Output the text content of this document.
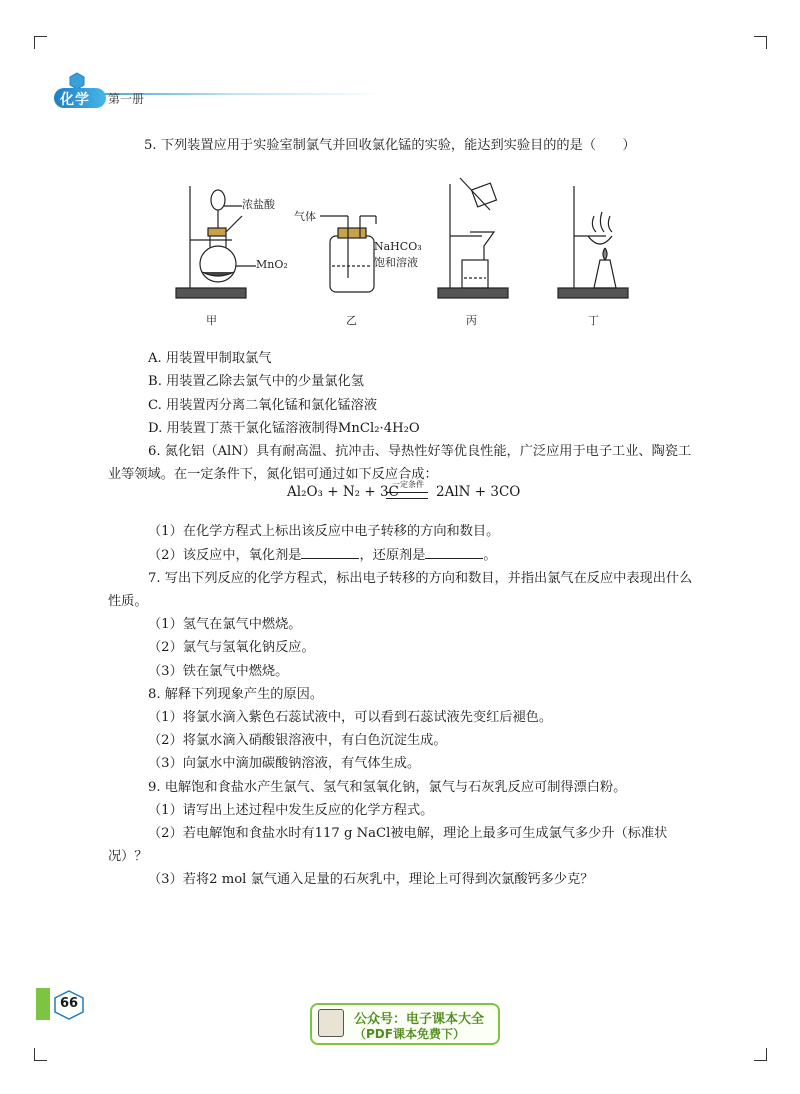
化学 第一册
浓盐酸
MnO₂
气体
NaHCO₃
饱和溶液
甲	乙	丙	丁

5. 下列装置应用于实验室制氯气并回收氯化锰的实验，能达到实验目的的是（　　）

A. 用装置甲制取氯气

B. 用装置乙除去氯气中的少量氯化氢

C. 用装置丙分离二氧化锰和氯化锰溶液

D. 用装置丁蒸干氯化锰溶液制得MnCl₂·4H₂O

6. 氮化铝（AlN）具有耐高温、抗冲击、导热性好等优良性能，广泛应用于电子工业、陶瓷工业等领域。在一定条件下，氮化铝可通过如下反应合成：

（1）在化学方程式上标出该反应中电子转移的方向和数目。

（2）该反应中，氧化剂是	，还原剂是	。

7. 写出下列反应的化学方程式，标出电子转移的方向和数目，并指出氯气在反应中表现出什么性质。

（1）氢气在氯气中燃烧。

（2）氯气与氢氧化钠反应。

（3）铁在氯气中燃烧。

8. 解释下列现象产生的原因。

（1）将氯水滴入紫色石蕊试液中，可以看到石蕊试液先变红后褪色。

（2）将氯水滴入硝酸银溶液中，有白色沉淀生成。

（3）向氯水中滴加碳酸钠溶液，有气体生成。

9. 电解饱和食盐水产生氯气、氢气和氢氧化钠，氯气与石灰乳反应可制得漂白粉。

（1）请写出上述过程中发生反应的化学方程式。

（2）若电解饱和食盐水时有117 g NaCl被电解，理论上最多可生成氯气多少升（标准状况）？

（3）若将2 mol 氯气通入足量的石灰乳中，理论上可得到次氯酸钙多少克？

Al₂O₃ + N₂ + 3C
一定条件 2AlN + 3CO
66
公众号：电子课本大全
（PDF课本免费下）
